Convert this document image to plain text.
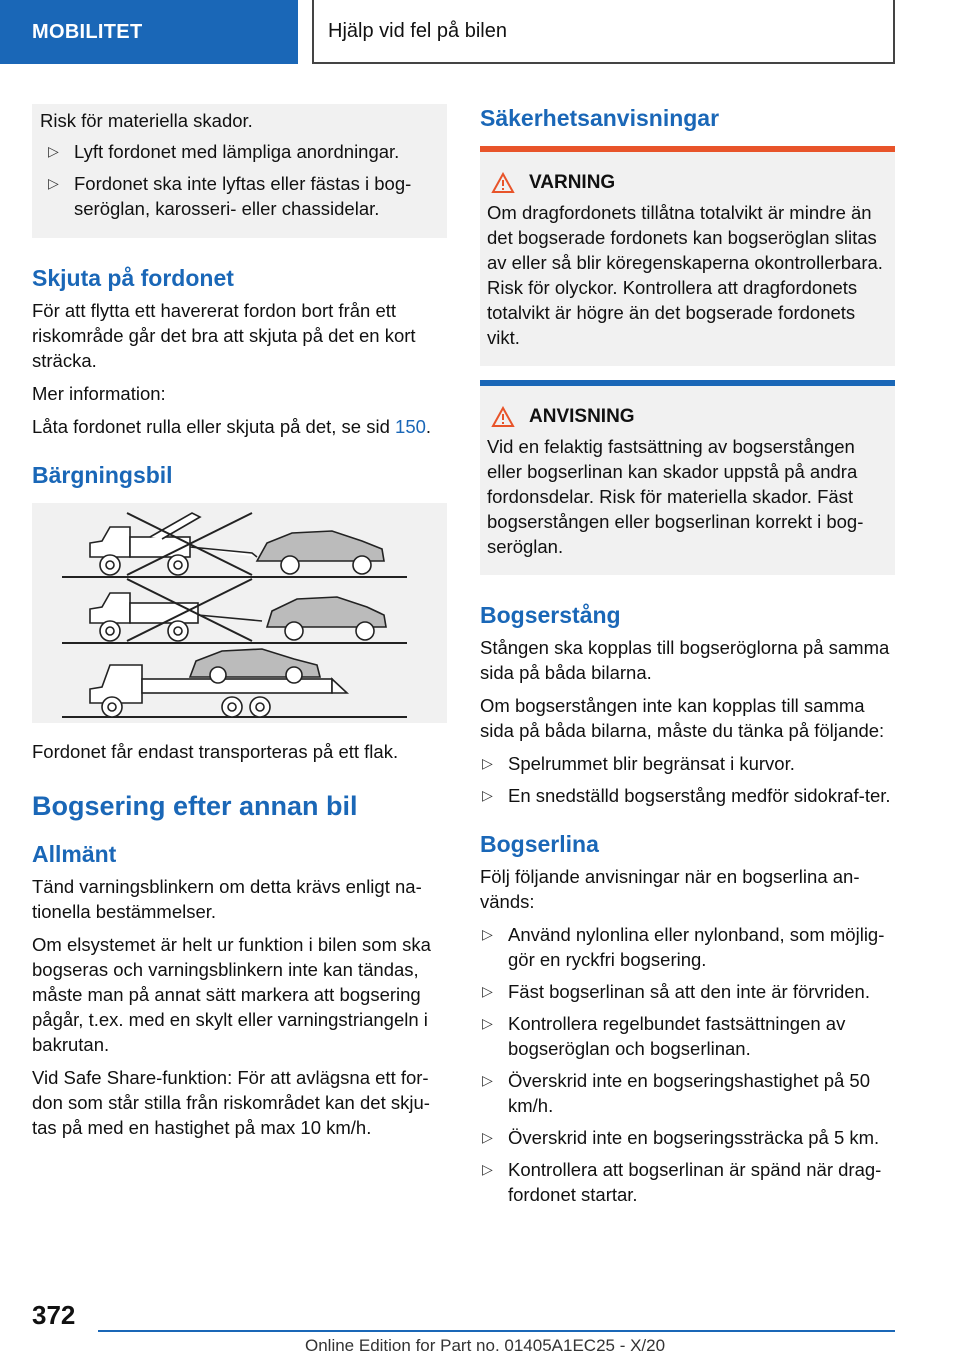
MOBILITET	Hjälp vid fel på bilen

Risk för materiella skador.

▷ Lyft fordonet med lämpliga anordningar.
▷ Fordonet ska inte lyftas eller fästas i bog-seröglan, karosseri- eller chassidelar.
Skjuta på fordonet

För att flytta ett havererat fordon bort från ett riskområde går det bra att skjuta på det en kort sträcka.

Mer information:

Låta fordonet rulla eller skjuta på det, se sid 150.

Bärgningsbil

Fordonet får endast transporteras på ett flak.

Bogsering efter annan bil
Allmänt

Tänd varningsblinkern om detta krävs enligt na-tionella bestämmelser.

Om elsystemet är helt ur funktion i bilen som ska bogseras och varningsblinkern inte kan tändas, måste man på annat sätt markera att bogsering pågår, t.ex. med en skylt eller varningstriangeln i bakrutan.

Vid Safe Share-funktion: För att avlägsna ett for-don som står stilla från riskområdet kan det skju-tas på med en hastighet på max 10 km/h.

Säkerhetsanvisningar
VARNING

Om dragfordonets tillåtna totalvikt är mindre än det bogserade fordonets kan bogseröglan slitas av eller så blir köregenskaperna okontrollerbara. Risk för olyckor. Kontrollera att dragfordonets totalvikt är högre än det bogserade fordonets vikt.

ANVISNING

Vid en felaktig fastsättning av bogserstången eller bogserlinan kan skador uppstå på andra fordonsdelar. Risk för materiella skador. Fäst bogserstången eller bogserlinan korrekt i bog-seröglan.

Bogserstång

Stången ska kopplas till bogseröglorna på samma sida på båda bilarna.

Om bogserstången inte kan kopplas till samma sida på båda bilarna, måste du tänka på följande:

▷ Spelrummet blir begränsat i kurvor.
▷ En snedställd bogserstång medför sidokraf-ter.
Bogserlina

Följ följande anvisningar när en bogserlina an-vänds:

▷ Använd nylonlina eller nylonband, som möjlig-gör en ryckfri bogsering.
▷ Fäst bogserlinan så att den inte är förvriden.
▷ Kontrollera regelbundet fastsättningen av bogseröglan och bogserlinan.
▷ Överskrid inte en bogseringshastighet på 50 km/h.
▷ Överskrid inte en bogseringssträcka på 5 km.
▷ Kontrollera att bogserlinan är spänd när drag-fordonet startar.
372
Online Edition for Part no. 01405A1EC25 - X/20
